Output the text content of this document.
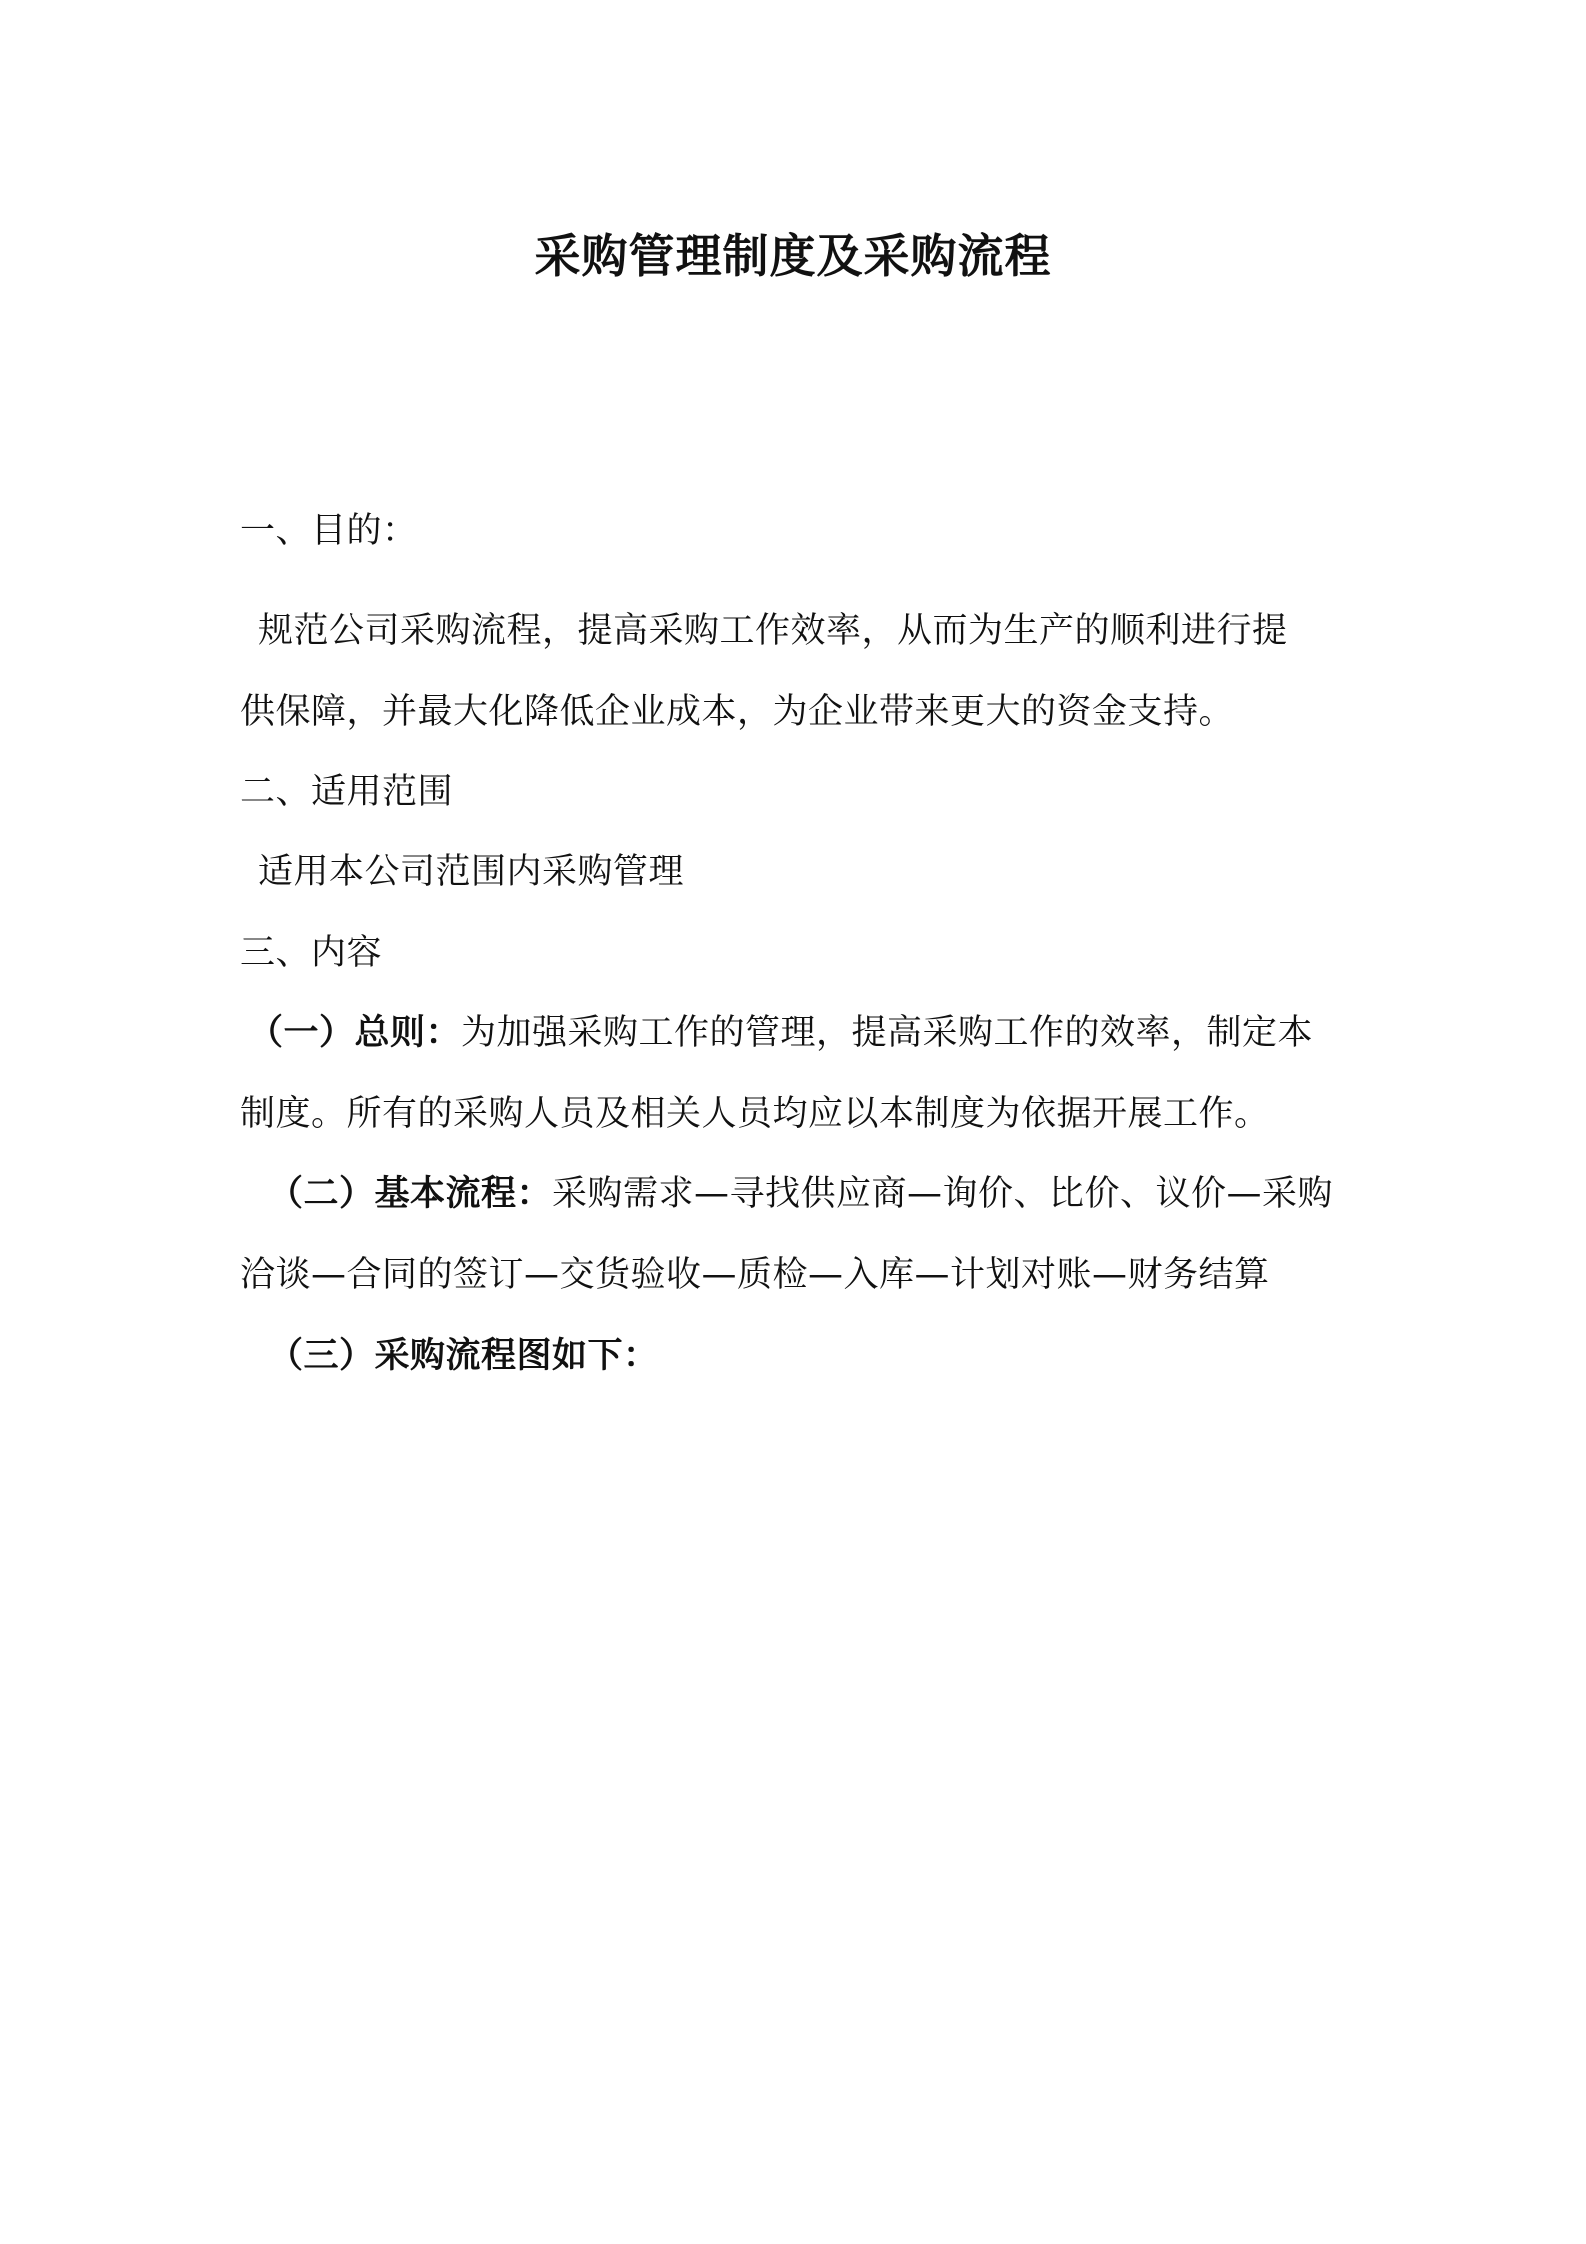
采购管理制度及采购流程
一、目的：
规范公司采购流程，提高采购工作效率，从而为生产的顺利进行提
供保障，并最大化降低企业成本，为企业带来更大的资金支持。
二、适用范围
适用本公司范围内采购管理
三、内容
（一）总则：为加强采购工作的管理，提高采购工作的效率，制定本
制度。所有的采购人员及相关人员均应以本制度为依据开展工作。
（二）基本流程：采购需求—寻找供应商—询价、比价、议价—采购
洽谈—合同的签订—交货验收—质检—入库—计划对账—财务结算
（三）采购流程图如下：
